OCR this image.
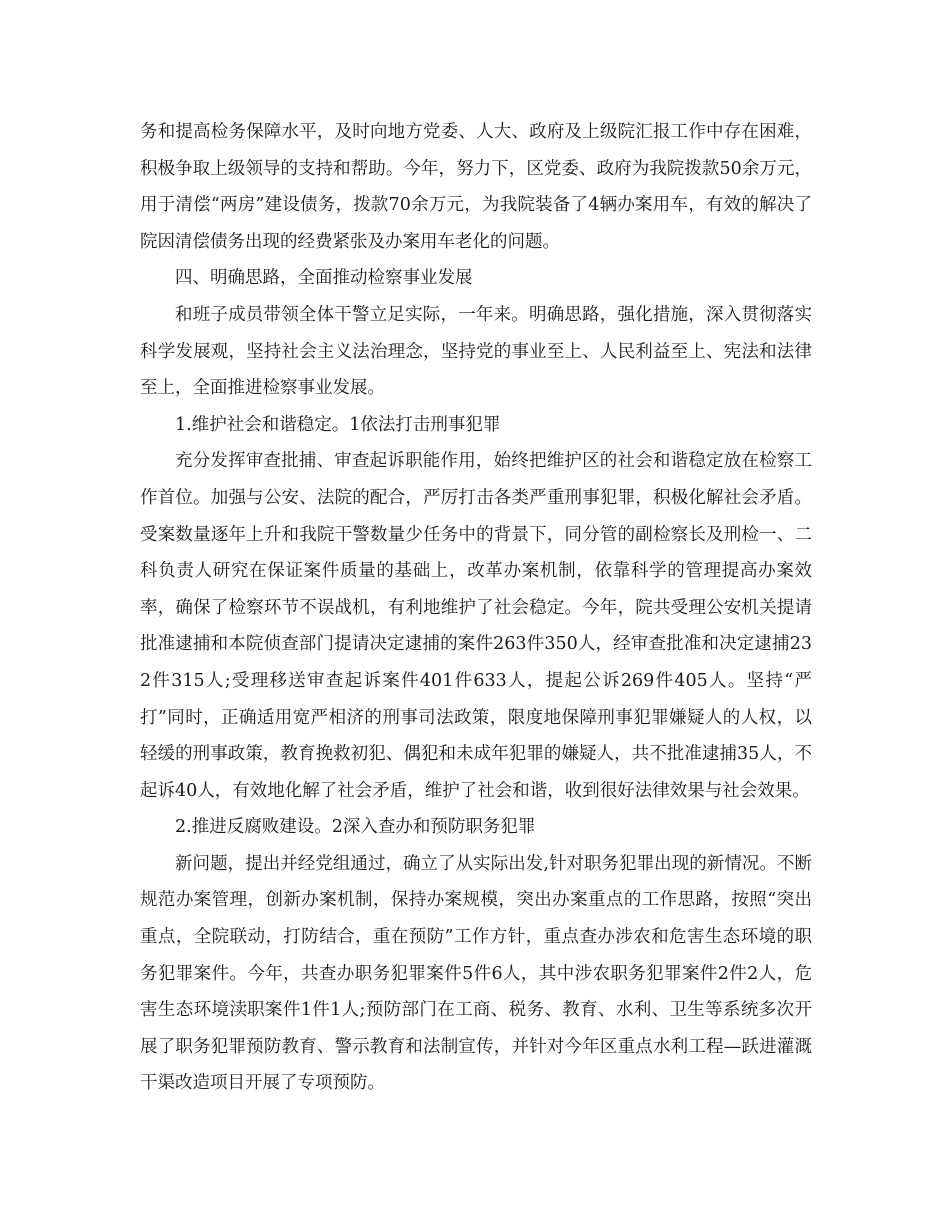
务和提高检务保障水平，及时向地方党委、人大、政府及上级院汇报工作中存在困难，积极争取上级领导的支持和帮助。今年，努力下，区党委、政府为我院拨款50余万元，用于清偿“两房”建设债务，拨款70余万元，为我院装备了4辆办案用车，有效的解决了院因清偿债务出现的经费紧张及办案用车老化的问题。

四、明确思路，全面推动检察事业发展

和班子成员带领全体干警立足实际，一年来。明确思路，强化措施，深入贯彻落实科学发展观，坚持社会主义法治理念，坚持党的事业至上、人民利益至上、宪法和法律至上，全面推进检察事业发展。

1.维护社会和谐稳定。1依法打击刑事犯罪

充分发挥审查批捕、审查起诉职能作用，始终把维护区的社会和谐稳定放在检察工作首位。加强与公安、法院的配合，严厉打击各类严重刑事犯罪，积极化解社会矛盾。受案数量逐年上升和我院干警数量少任务中的背景下，同分管的副检察长及刑检一、二科负责人研究在保证案件质量的基础上，改革办案机制，依靠科学的管理提高办案效率，确保了检察环节不误战机，有利地维护了社会稳定。今年，院共受理公安机关提请批准逮捕和本院侦查部门提请决定逮捕的案件263件350人，经审查批准和决定逮捕232件315人;受理移送审查起诉案件401件633人，提起公诉269件405人。坚持“严打”同时，正确适用宽严相济的刑事司法政策，限度地保障刑事犯罪嫌疑人的人权，以轻缓的刑事政策，教育挽救初犯、偶犯和未成年犯罪的嫌疑人，共不批准逮捕35人，不起诉40人，有效地化解了社会矛盾，维护了社会和谐，收到很好法律效果与社会效果。

2.推进反腐败建设。2深入查办和预防职务犯罪

新问题，提出并经党组通过，确立了从实际出发,针对职务犯罪出现的新情况。不断规范办案管理，创新办案机制，保持办案规模，突出办案重点的工作思路，按照“突出重点，全院联动，打防结合，重在预防”工作方针，重点查办涉农和危害生态环境的职务犯罪案件。今年，共查办职务犯罪案件5件6人，其中涉农职务犯罪案件2件2人，危害生态环境渎职案件1件1人;预防部门在工商、税务、教育、水利、卫生等系统多次开展了职务犯罪预防教育、警示教育和法制宣传，并针对今年区重点水利工程—跃进灌溉干渠改造项目开展了专项预防。
